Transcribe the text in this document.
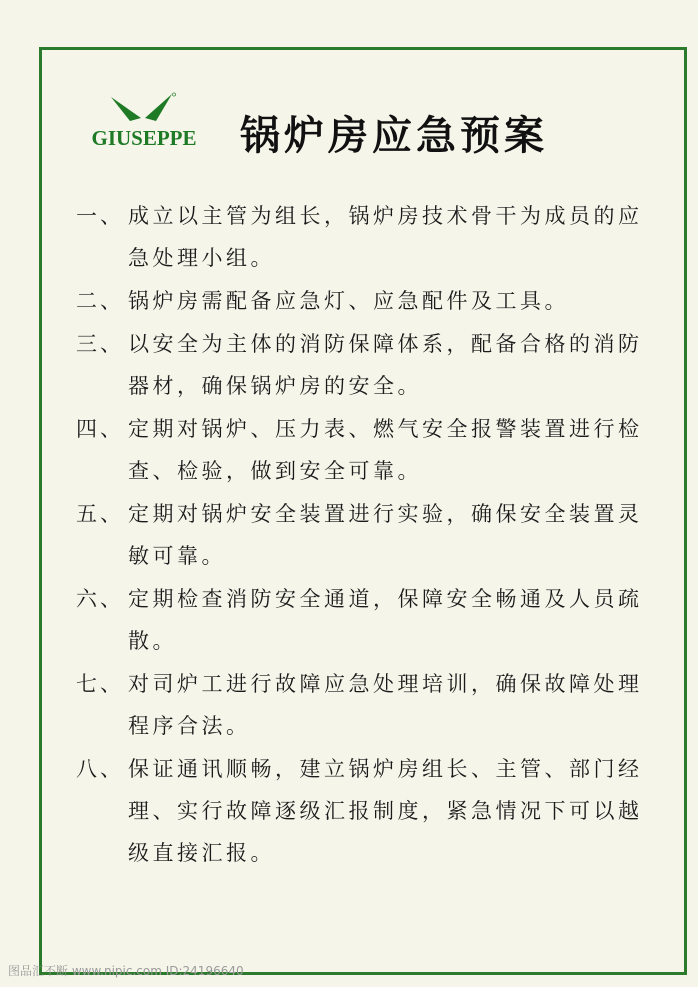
GIUSEPPE 锅炉房应急预案
一、 成立以主管为组长，锅炉房技术骨干为成员的应急处理小组。
二、 锅炉房需配备应急灯、应急配件及工具。
三、 以安全为主体的消防保障体系，配备合格的消防器材，确保锅炉房的安全。
四、 定期对锅炉、压力表、燃气安全报警装置进行检查、检验，做到安全可靠。
五、 定期对锅炉安全装置进行实验，确保安全装置灵敏可靠。
六、 定期检查消防安全通道，保障安全畅通及人员疏散。
七、 对司炉工进行故障应急处理培训，确保故障处理程序合法。
八、 保证通讯顺畅，建立锅炉房组长、主管、部门经理、实行故障逐级汇报制度，紧急情况下可以越级直接汇报。
图品汇不断 www.nipic.com ID:24196640
